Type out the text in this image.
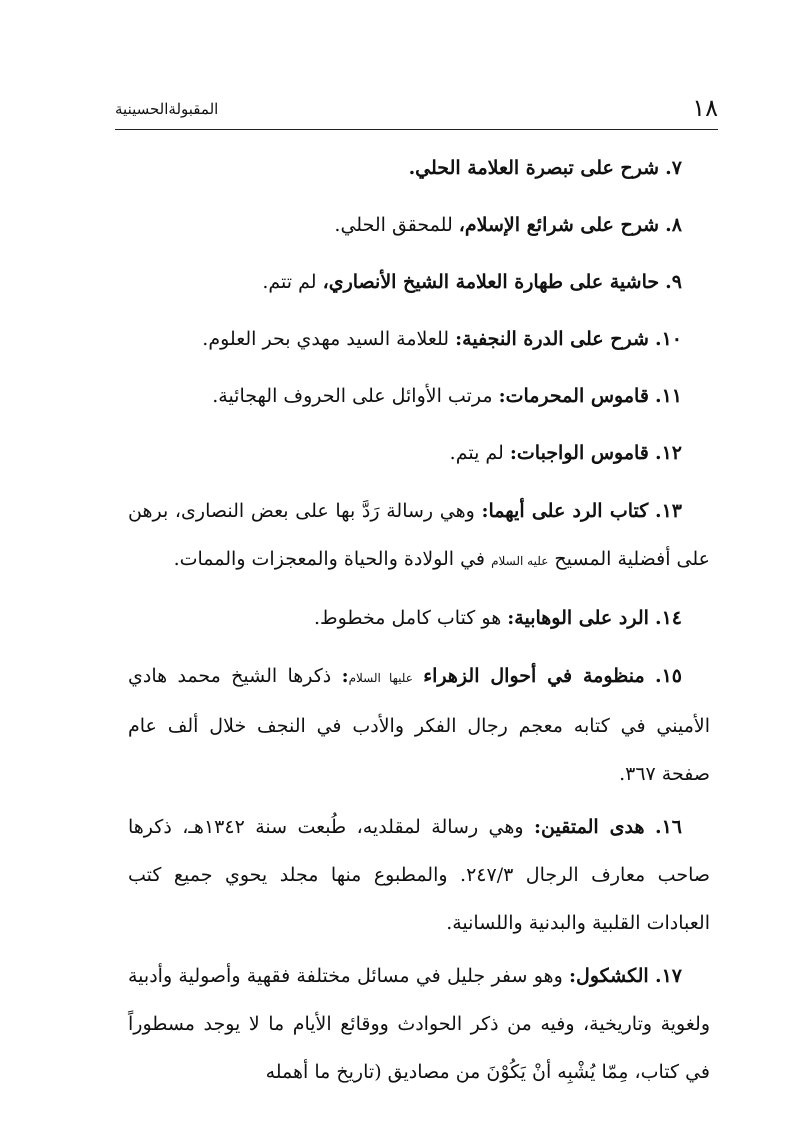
١٨
المقبولةالحسينية

٧. شرح على تبصرة العلامة الحلي.

٨. شرح على شرائع الإسلام، للمحقق الحلي.

٩. حاشية على طهارة العلامة الشيخ الأنصاري، لم تتم.

١٠. شرح على الدرة النجفية: للعلامة السيد مهدي بحر العلوم.

١١. قاموس المحرمات: مرتب الأوائل على الحروف الهجائية.

١٢. قاموس الواجبات: لم يتم.

١٣. كتاب الرد على أيهما: وهي رسالة رَدَّ بها على بعض النصارى، برهن على أفضلية المسيح عليه السلام في الولادة والحياة والمعجزات والممات.

١٤. الرد على الوهابية: هو كتاب كامل مخطوط.

١٥. منظومة في أحوال الزهراء عليها السلام: ذكرها الشيخ محمد هادي الأميني في كتابه معجم رجال الفكر والأدب في النجف خلال ألف عام صفحة ٣٦٧.

١٦. هدى المتقين: وهي رسالة لمقلديه، طُبعت سنة ١٣٤٢هـ، ذكرها صاحب معارف الرجال ٢٤٧/٣. والمطبوع منها مجلد يحوي جميع كتب العبادات القلبية والبدنية واللسانية.

١٧. الكشكول: وهو سفر جليل في مسائل مختلفة فقهية وأصولية وأدبية ولغوية وتاريخية، وفيه من ذكر الحوادث ووقائع الأيام ما لا يوجد مسطوراً في كتاب، مِمّا يُشْبِه أنْ يَكُوْنَ من مصاديق (تاريخ ما أهمله
